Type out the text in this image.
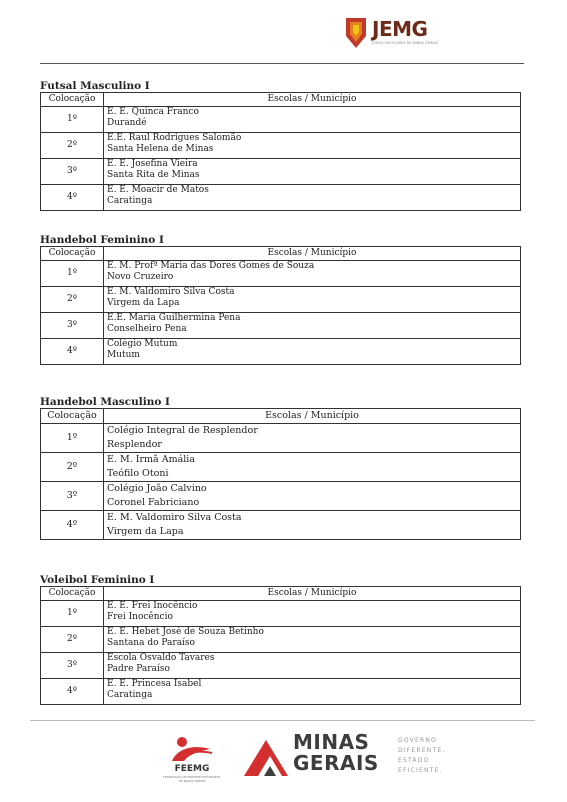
JEMG
JOGOS ESCOLARES DE MINAS GERAIS
Futsal Masculino I
Colocação	Escolas / Município
1º	E. E. Quinca Franco
Durandé

2º	E.E. Raul Rodrigues Salomão
Santa Helena de Minas

3º	E. E. Josefina Vieira
Santa Rita de Minas

4º	E. E. Moacir de Matos
Caratinga
Handebol Feminino I
Colocação	Escolas / Município
1º	E. M. Profª Maria das Dores Gomes de Souza
Novo Cruzeiro

2º	E. M. Valdomiro Silva Costa
Virgem da Lapa

3º	E.E. Maria Guilhermina Pena
Conselheiro Pena

4º	Colégio Mutum
Mutum
Handebol Masculino I
Colocação	Escolas / Município
1º	Colégio Integral de Resplendor
Resplendor

2º	E. M. Irmã Amália
Teófilo Otoni

3º	Colégio João Calvino
Coronel Fabriciano

4º	E. M. Valdomiro Silva Costa
Virgem da Lapa
Voleibol Feminino I
Colocação	Escolas / Município
1º	E. E. Frei Inocêncio
Frei Inocêncio

2º	E. E. Hebet José de Souza Betinho
Santana do Paraíso

3º	Escola Osvaldo Tavares
Padre Paraíso

4º	E. E. Princesa Isabel
Caratinga
FEEMG
FEDERAÇÃO DE ESPORTE ESTUDANTIL DE MINAS GERAIS
MINAS
GERAIS
GOVERNO
DIFERENTE.
ESTADO
EFICIENTE.
